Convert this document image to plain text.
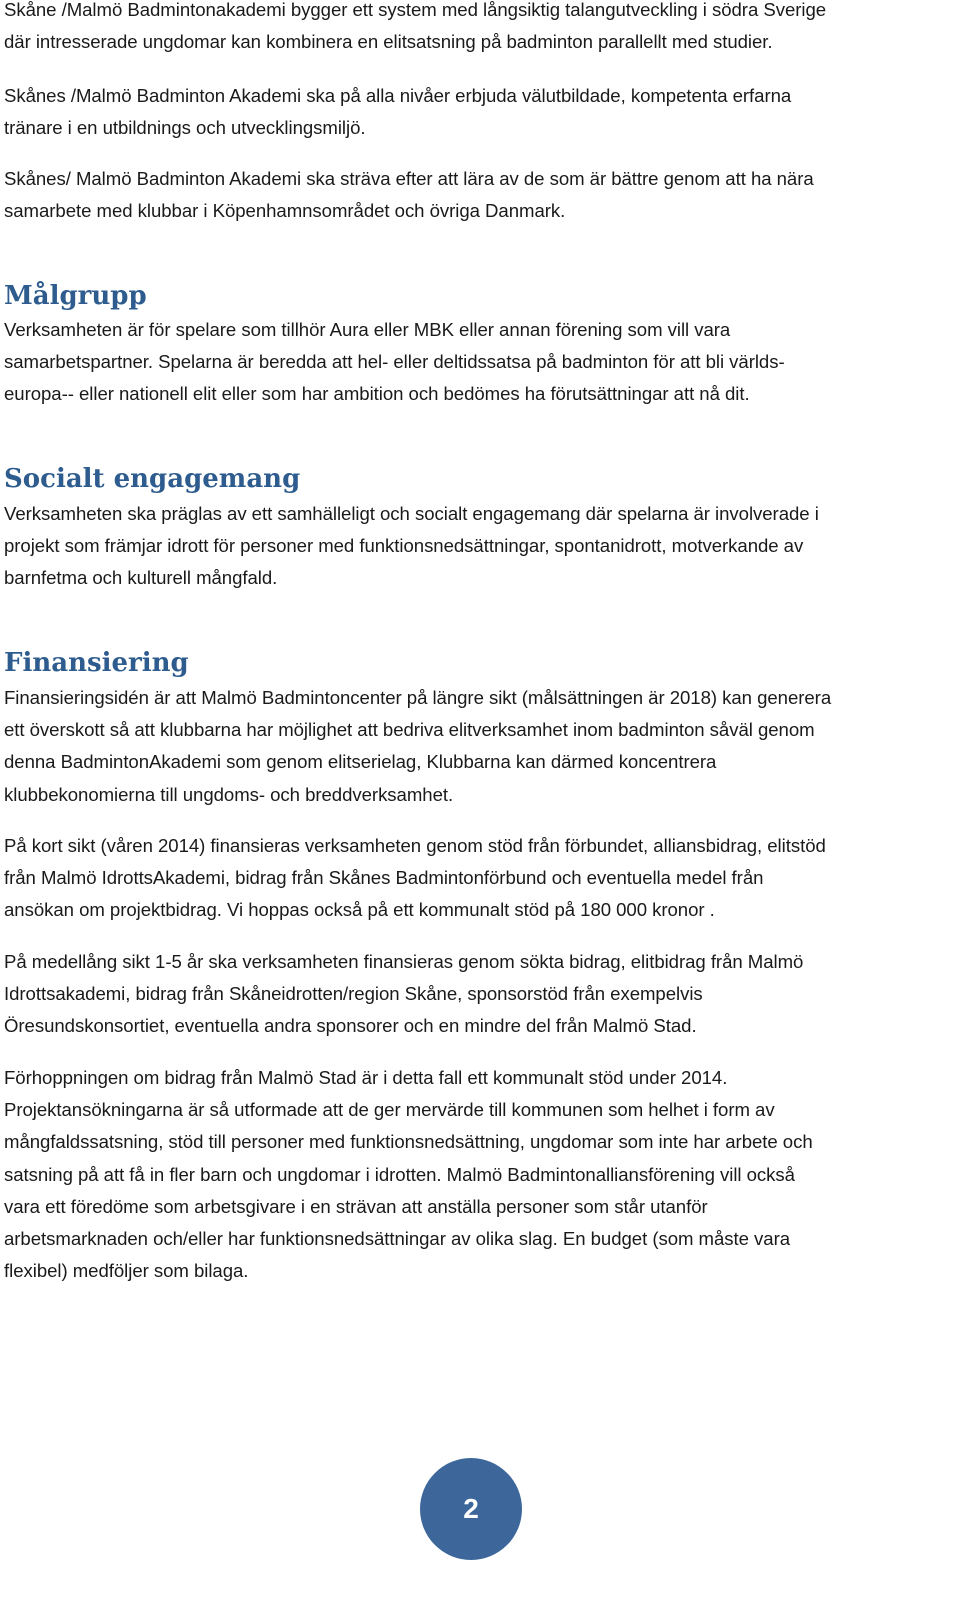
Skåne /Malmö Badmintonakademi bygger ett system med långsiktig talangutveckling i södra Sverige
där intresserade ungdomar kan kombinera en elitsatsning på badminton parallellt med studier.

Skånes /Malmö Badminton Akademi ska på alla nivåer erbjuda välutbildade, kompetenta erfarna
tränare i en utbildnings och utvecklingsmiljö.

Skånes/ Malmö Badminton Akademi ska sträva efter att lära av de som är bättre genom att ha nära
samarbete med klubbar i Köpenhamnsområdet och övriga Danmark.

Målgrupp

Verksamheten är för spelare som tillhör Aura eller MBK eller annan förening som vill vara
samarbetspartner. Spelarna är beredda att hel- eller deltidssatsa på badminton för att bli världs-
europa-- eller nationell elit eller som har ambition och bedömes ha förutsättningar att nå dit.

Socialt engagemang

Verksamheten ska präglas av ett samhälleligt och socialt engagemang där spelarna är involverade i
projekt som främjar idrott för personer med funktionsnedsättningar, spontanidrott, motverkande av
barnfetma och kulturell mångfald.

Finansiering

Finansieringsidén är att Malmö Badmintoncenter på längre sikt (målsättningen är 2018) kan generera
ett överskott så att klubbarna har möjlighet att bedriva elitverksamhet inom badminton såväl genom
denna BadmintonAkademi som genom elitserielag, Klubbarna kan därmed koncentrera
klubbekonomierna till ungdoms- och breddverksamhet.

På kort sikt (våren 2014) finansieras verksamheten genom stöd från förbundet, alliansbidrag, elitstöd
från Malmö IdrottsAkademi, bidrag från Skånes Badmintonförbund och eventuella medel från
ansökan om projektbidrag. Vi hoppas också på ett kommunalt stöd på 180 000 kronor .

På medellång sikt 1-5 år ska verksamheten finansieras genom sökta bidrag, elitbidrag från Malmö
Idrottsakademi, bidrag från Skåneidrotten/region Skåne, sponsorstöd från exempelvis
Öresundskonsortiet, eventuella andra sponsorer och en mindre del från Malmö Stad.

Förhoppningen om bidrag från Malmö Stad är i detta fall ett kommunalt stöd under 2014.
Projektansökningarna är så utformade att de ger mervärde till kommunen som helhet i form av
mångfaldssatsning, stöd till personer med funktionsnedsättning, ungdomar som inte har arbete och
satsning på att få in fler barn och ungdomar i idrotten. Malmö Badmintonalliansförening vill också
vara ett föredöme som arbetsgivare i en strävan att anställa personer som står utanför
arbetsmarknaden och/eller har funktionsnedsättningar av olika slag. En budget (som måste vara
flexibel) medföljer som bilaga.

2
